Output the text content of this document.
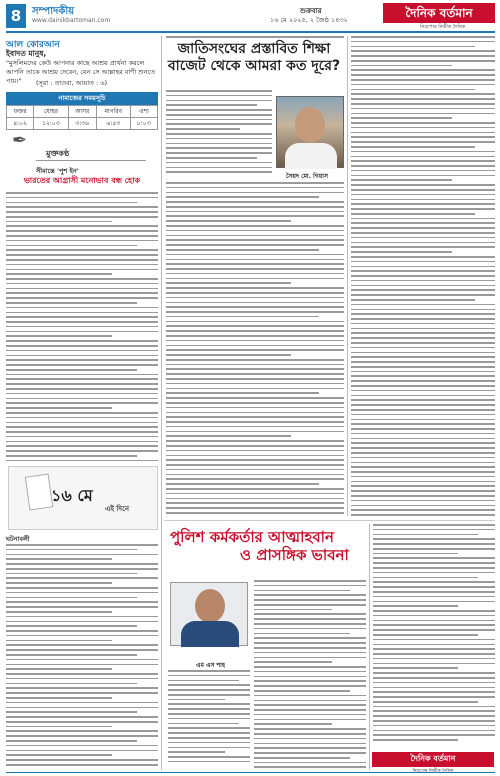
8	সম্পাদকীয়
www.dainikbartoman.com
শুক্রবার
১৬ মে ২০২৫, ২ জৈষ্ঠ ১৪৩২	দৈনিক বর্তমান
নিরপেক্ষ নির্ভীক দৈনিক
আল কোরআন
ইবাদত মানুষ,
"মুসলিমদের কেউ আপনার কাছে আশ্রয় প্রার্থনা করলে আপনি তাকে আশ্রয় দেবেন, যেন সে আল্লাহর বাণী শুনতে পায়।"	(সূরা : তাওবা, আয়াত : ৬)
নামাজের সময়সূচি
ফজর	যোহর	আসর	মাগরিব	এশা
৪:০২	১২:০৩	৩:৩৬	৬:৫৩	৮:০৩
✒
মুক্তকণ্ঠ
সীমান্তে 'পুশ ইন'
ভারতের আগ্রাসী মনোভাব বন্ধ হোক
১৬ মে
এই দিনে
ঘটনাবলী
জাতিসংঘের প্রস্তাবিত শিক্ষা
বাজেট থেকে আমরা কত দূরে?
সৈয়দ মো. গিয়াস
পুলিশ কর্মকর্তার আত্মাহবান
ও প্রাসঙ্গিক ভাবনা
এম এস শাহ
দৈনিক বর্তমান
